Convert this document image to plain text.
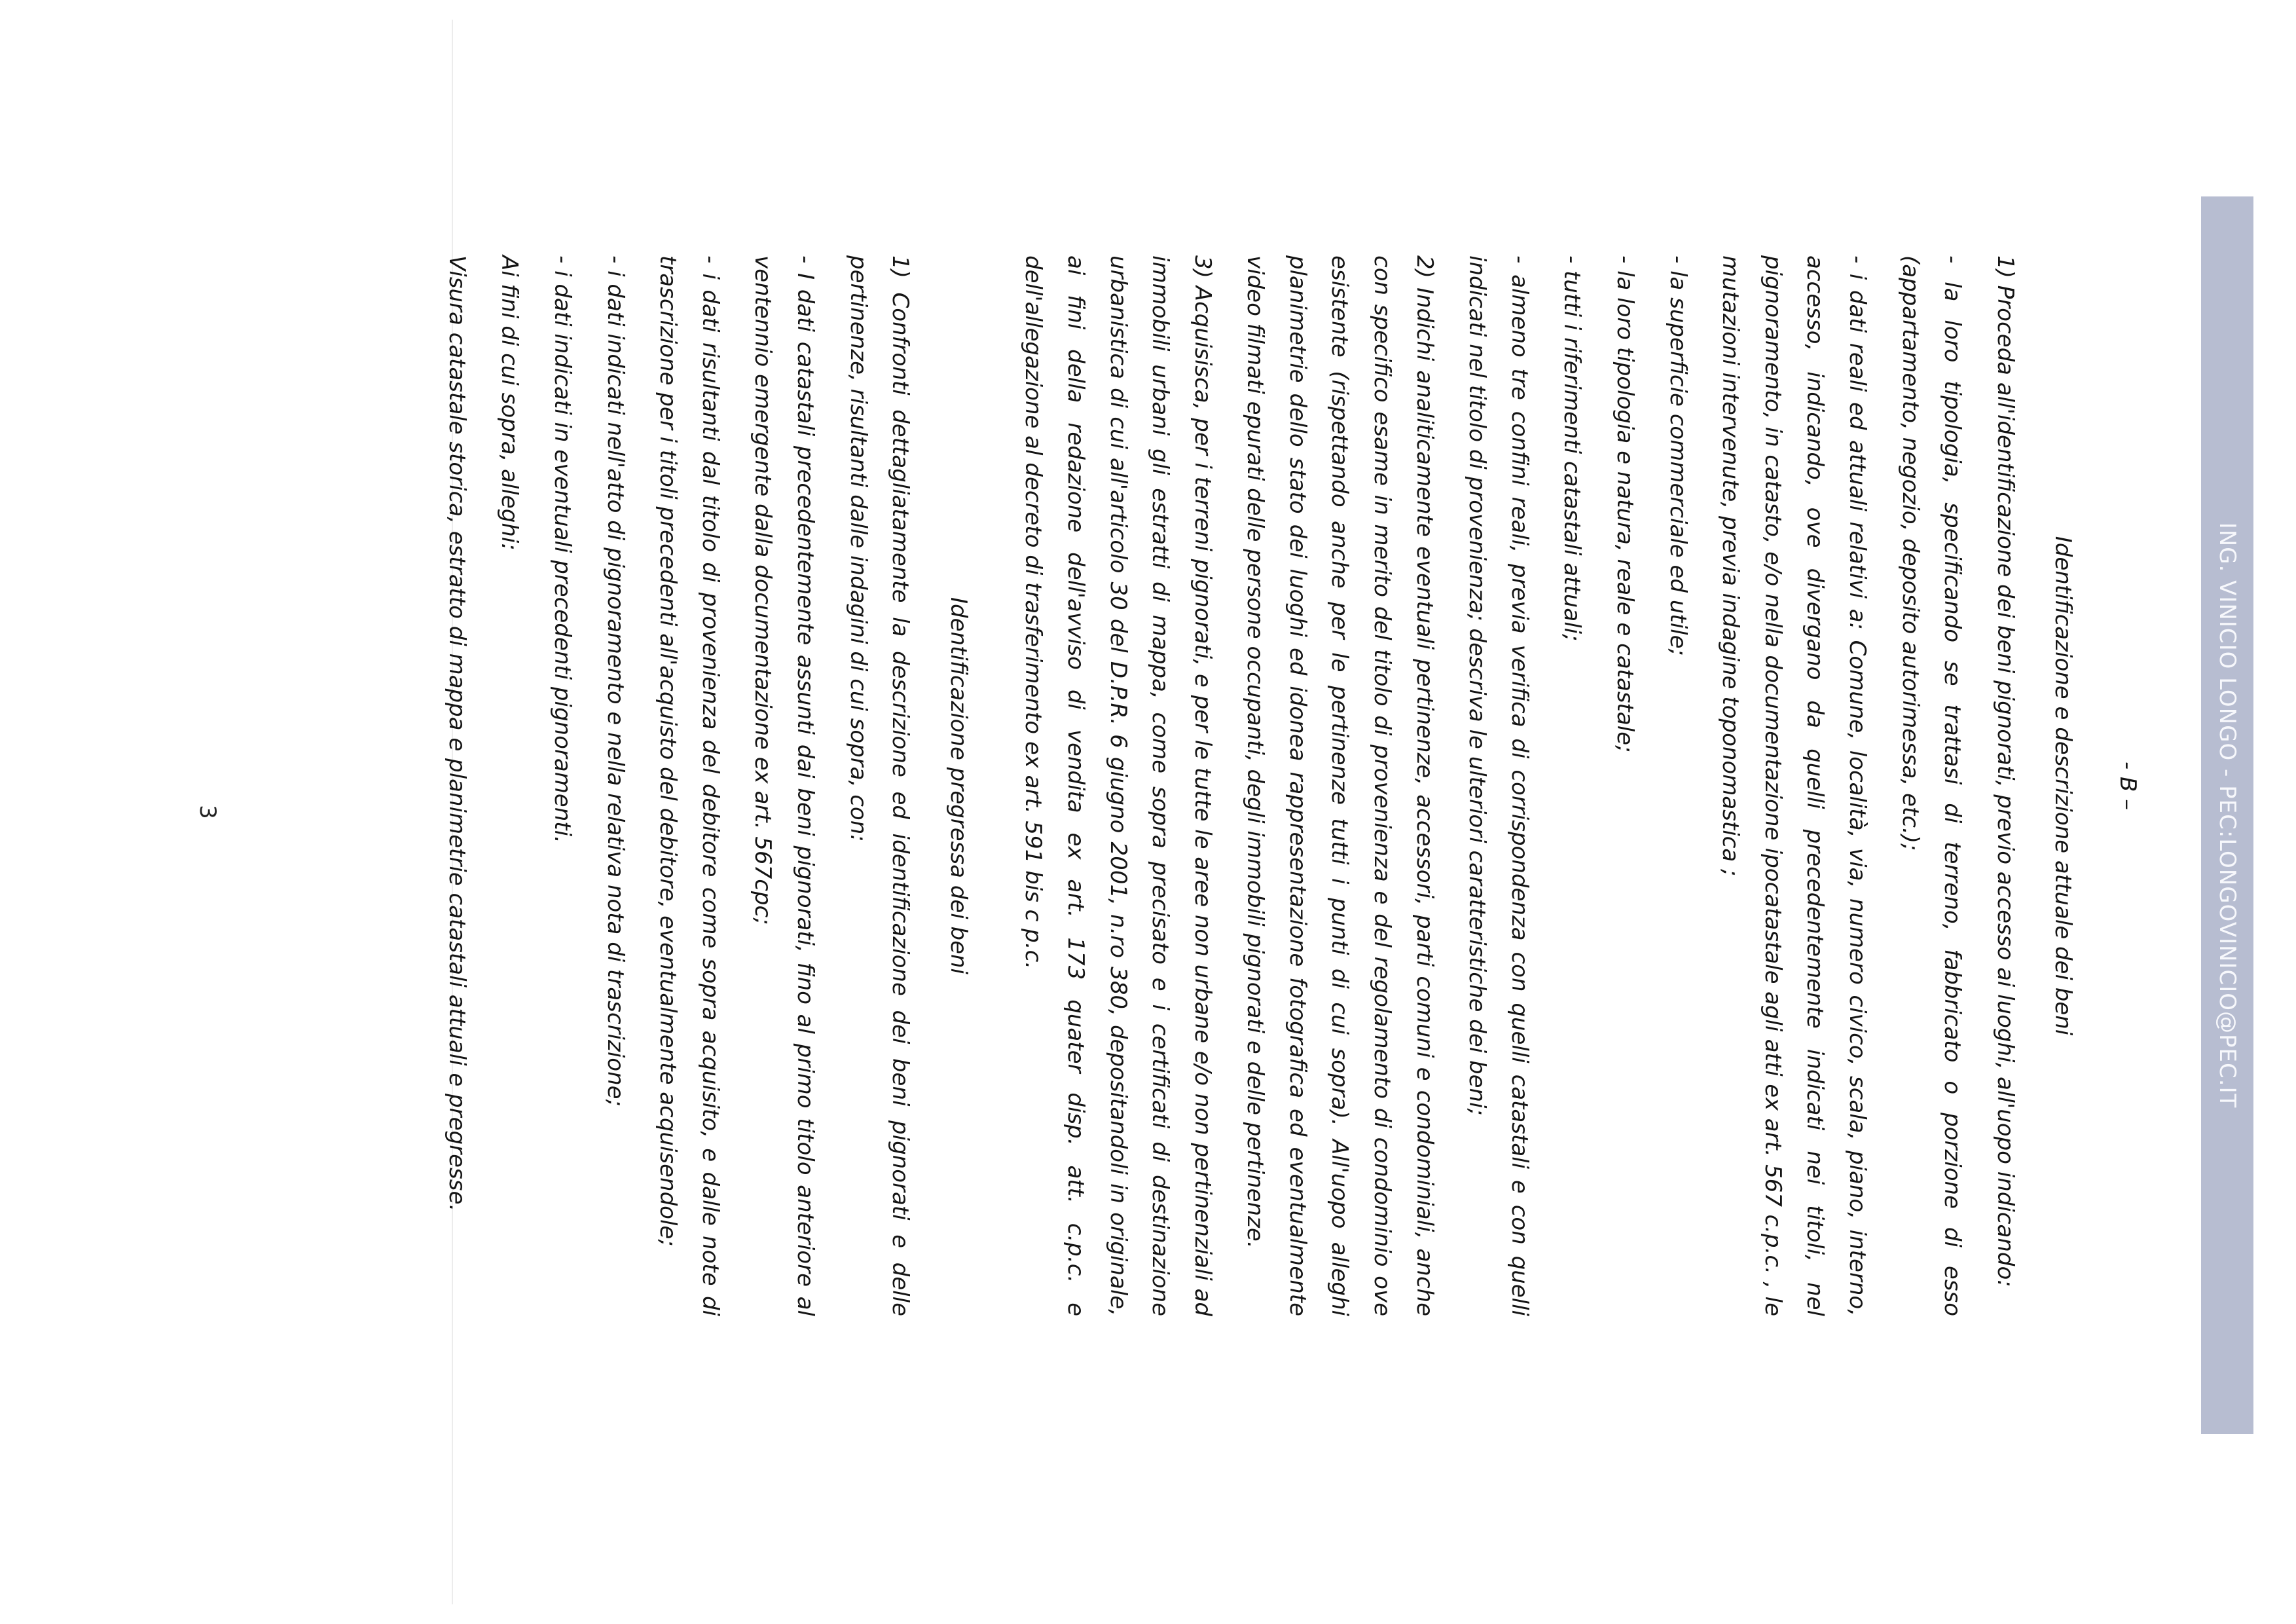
ING. VINICIO LONGO - PEC:LONGOVINICIO@PEC.IT
- B –
Identificazione e descrizione attuale dei beni

1) Proceda all'identificazione dei beni pignorati, previo accesso ai luoghi, all'uopo indicando:

- la loro tipologia, specificando se trattasi di terreno, fabbricato o porzione di esso (appartamento, negozio, deposito autorimessa, etc.);

- i dati reali ed attuali relativi a: Comune, località, via, numero civico, scala, piano, interno, accesso, indicando, ove divergano da quelli precedentemente indicati nei titoli, nel pignoramento, in catasto, e/o nella documentazione ipocatastale agli atti ex art. 567 c.p.c. , le mutazioni intervenute, previa indagine toponomastica ;

- la superficie commerciale ed utile;

- la loro tipologia e natura, reale e catastale;

- tutti i riferimenti catastali attuali;

- almeno tre confini reali, previa verifica di corrispondenza con quelli catastali e con quelli indicati nel titolo di provenienza; descriva le ulteriori caratteristiche dei beni;

2) Indichi analiticamente eventuali pertinenze, accessori, parti comuni e condominiali, anche con specifico esame in merito del titolo di provenienza e del regolamento di condominio ove esistente (rispettando anche per le pertinenze tutti i punti di cui sopra). All'uopo alleghi planimetrie dello stato dei luoghi ed idonea rappresentazione fotografica ed eventualmente video filmati epurati delle persone occupanti, degli immobili pignorati e delle pertinenze.

3) Acquisisca, per i terreni pignorati, e per le tutte le aree non urbane e/o non pertinenziali ad immobili urbani gli estratti di mappa, come sopra precisato e i certificati di destinazione urbanistica di cui all'articolo 30 del D.P.R. 6 giugno 2001, n.ro 380, depositandoli in originale, ai fini della redazione dell'avviso di vendita ex art. 173 quater disp. att. c.p.c. e dell'allegazione al decreto di trasferimento ex art. 591 bis c p.c.

Identificazione pregressa dei beni

1) Confronti dettagliatamente la descrizione ed identificazione dei beni pignorati e delle pertinenze, risultanti dalle indagini di cui sopra, con:

- I dati catastali precedentemente assunti dai beni pignorati, fino al primo titolo anteriore al ventennio emergente dalla documentazione ex art. 567cpc;

- i dati risultanti dal titolo di provenienza del debitore come sopra acquisito, e dalle note di trascrizione per i titoli precedenti all'acquisto del debitore, eventualmente acquisendole;

- i dati indicati nell'atto di pignoramento e nella relativa nota di trascrizione;

- i dati indicati in eventuali precedenti pignoramenti.

Ai fini di cui sopra, alleghi:

Visura catastale storica, estratto di mappa e planimetrie catastali attuali e pregresse.

3
